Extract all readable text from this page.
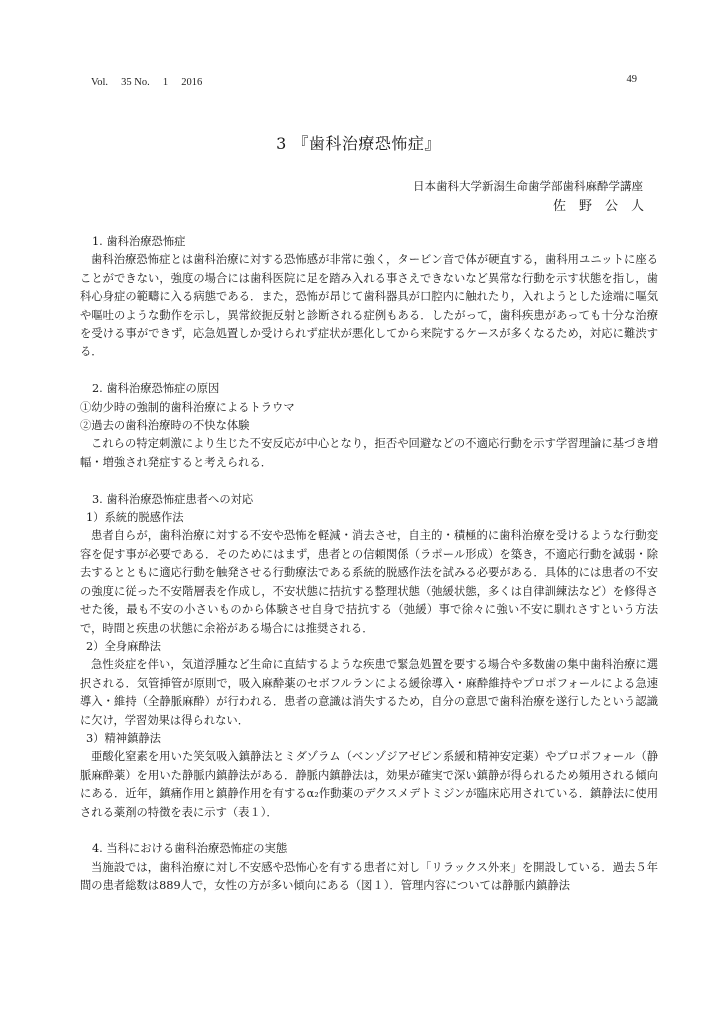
Vol.　 35 No.　 1　 2016	49
3 『歯科治療恐怖症』
日本歯科大学新潟生命歯学部歯科麻酔学講座
佐野公人

1. 歯科治療恐怖症

歯科治療恐怖症とは歯科治療に対する恐怖感が非常に強く，タービン音で体が硬直する，歯科用ユニットに座ることができない，強度の場合には歯科医院に足を踏み入れる事さえできないなど異常な行動を示す状態を指し，歯科心身症の範疇に入る病態である．また，恐怖が昂じて歯科器具が口腔内に触れたり，入れようとした途端に嘔気や嘔吐のような動作を示し，異常絞扼反射と診断される症例もある．したがって，歯科疾患があっても十分な治療を受ける事ができず，応急処置しか受けられず症状が悪化してから来院するケースが多くなるため，対応に難渋する．

2. 歯科治療恐怖症の原因

①幼少時の強制的歯科治療によるトラウマ

②過去の歯科治療時の不快な体験

これらの特定刺激により生じた不安反応が中心となり，拒否や回避などの不適応行動を示す学習理論に基づき増幅・増強され発症すると考えられる．

3. 歯科治療恐怖症患者への対応

1）系統的脱感作法

患者自らが，歯科治療に対する不安や恐怖を軽減・消去させ，自主的・積極的に歯科治療を受けるような行動変容を促す事が必要である．そのためにはまず，患者との信頼関係（ラポール形成）を築き，不適応行動を減弱・除去するとともに適応行動を触発させる行動療法である系統的脱感作法を試みる必要がある．具体的には患者の不安の強度に従った不安階層表を作成し，不安状態に拮抗する整理状態（弛緩状態，多くは自律訓練法など）を修得させた後，最も不安の小さいものから体験させ自身で拮抗する（弛緩）事で徐々に強い不安に馴れさすという方法で，時間と疾患の状態に余裕がある場合には推奨される．

2）全身麻酔法

急性炎症を伴い，気道浮腫など生命に直結するような疾患で緊急処置を要する場合や多数歯の集中歯科治療に選択される．気管挿管が原則で，吸入麻酔薬のセボフルランによる緩徐導入・麻酔維持やプロポフォールによる急速導入・維持（全静脈麻酔）が行われる．患者の意識は消失するため，自分の意思で歯科治療を遂行したという認識に欠け，学習効果は得られない．

3）精神鎮静法

亜酸化窒素を用いた笑気吸入鎮静法とミダゾラム（ベンゾジアゼピン系緩和精神安定薬）やプロポフォール（静脈麻酔薬）を用いた静脈内鎮静法がある．静脈内鎮静法は，効果が確実で深い鎮静が得られるため頻用される傾向にある．近年，鎮痛作用と鎮静作用を有するα₂作動薬のデクスメデトミジンが臨床応用されている．鎮静法に使用される薬剤の特徴を表に示す（表１）．

4. 当科における歯科治療恐怖症の実態

当施設では，歯科治療に対し不安感や恐怖心を有する患者に対し「リラックス外来」を開設している．過去５年間の患者総数は889人で，女性の方が多い傾向にある（図１）．管理内容については静脈内鎮静法
